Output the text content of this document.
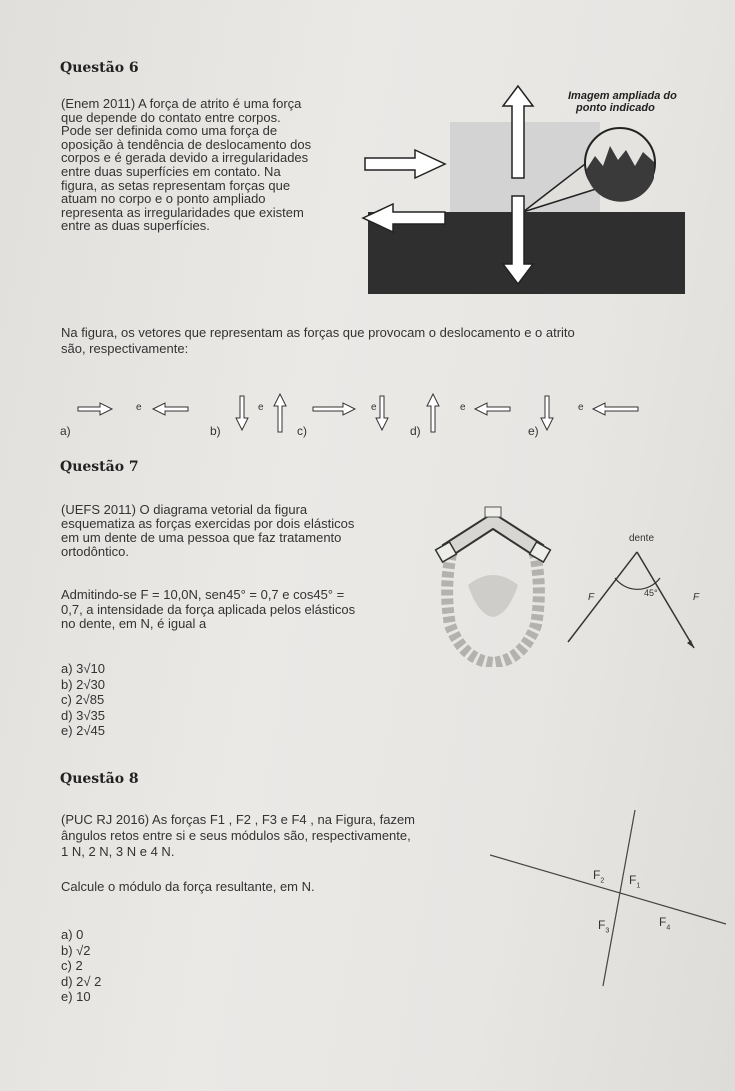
Questão 6
(Enem 2011) A força de atrito é uma força
que depende do contato entre corpos.
Pode ser definida como uma força de
oposição à tendência de deslocamento dos
corpos e é gerada devido a irregularidades
entre duas superfícies em contato. Na
figura, as setas representam forças que
atuam no corpo e o ponto ampliado
representa as irregularidades que existem
entre as duas superfícies.
Imagem ampliada do
ponto indicado
Na figura, os vetores que representam as forças que provocam o deslocamento e o atrito
são, respectivamente:
a)	b)	c)	d)	e)
e	e	e	e	e
Questão 7
(UEFS 2011) O diagrama vetorial da figura
esquematiza as forças exercidas por dois elásticos
em um dente de uma pessoa que faz tratamento
ortodôntico.
Admitindo-se F = 10,0N, sen45° = 0,7 e cos45° =
0,7, a intensidade da força aplicada pelos elásticos
no dente, em N, é igual a
a) 3√10
b) 2√30
c) 2√85
d) 3√35
e) 2√45
dente
45°
F	F
Questão 8
(PUC RJ 2016) As forças F1 , F2 , F3 e F4 , na Figura, fazem
ângulos retos entre si e seus módulos são, respectivamente,
1 N, 2 N, 3 N e 4 N.
Calcule o módulo da força resultante, em N.
a) 0
b) √2
c) 2
d) 2√ 2
e) 10
$F_2$ $F_1$
$F_3$
$F_4$
